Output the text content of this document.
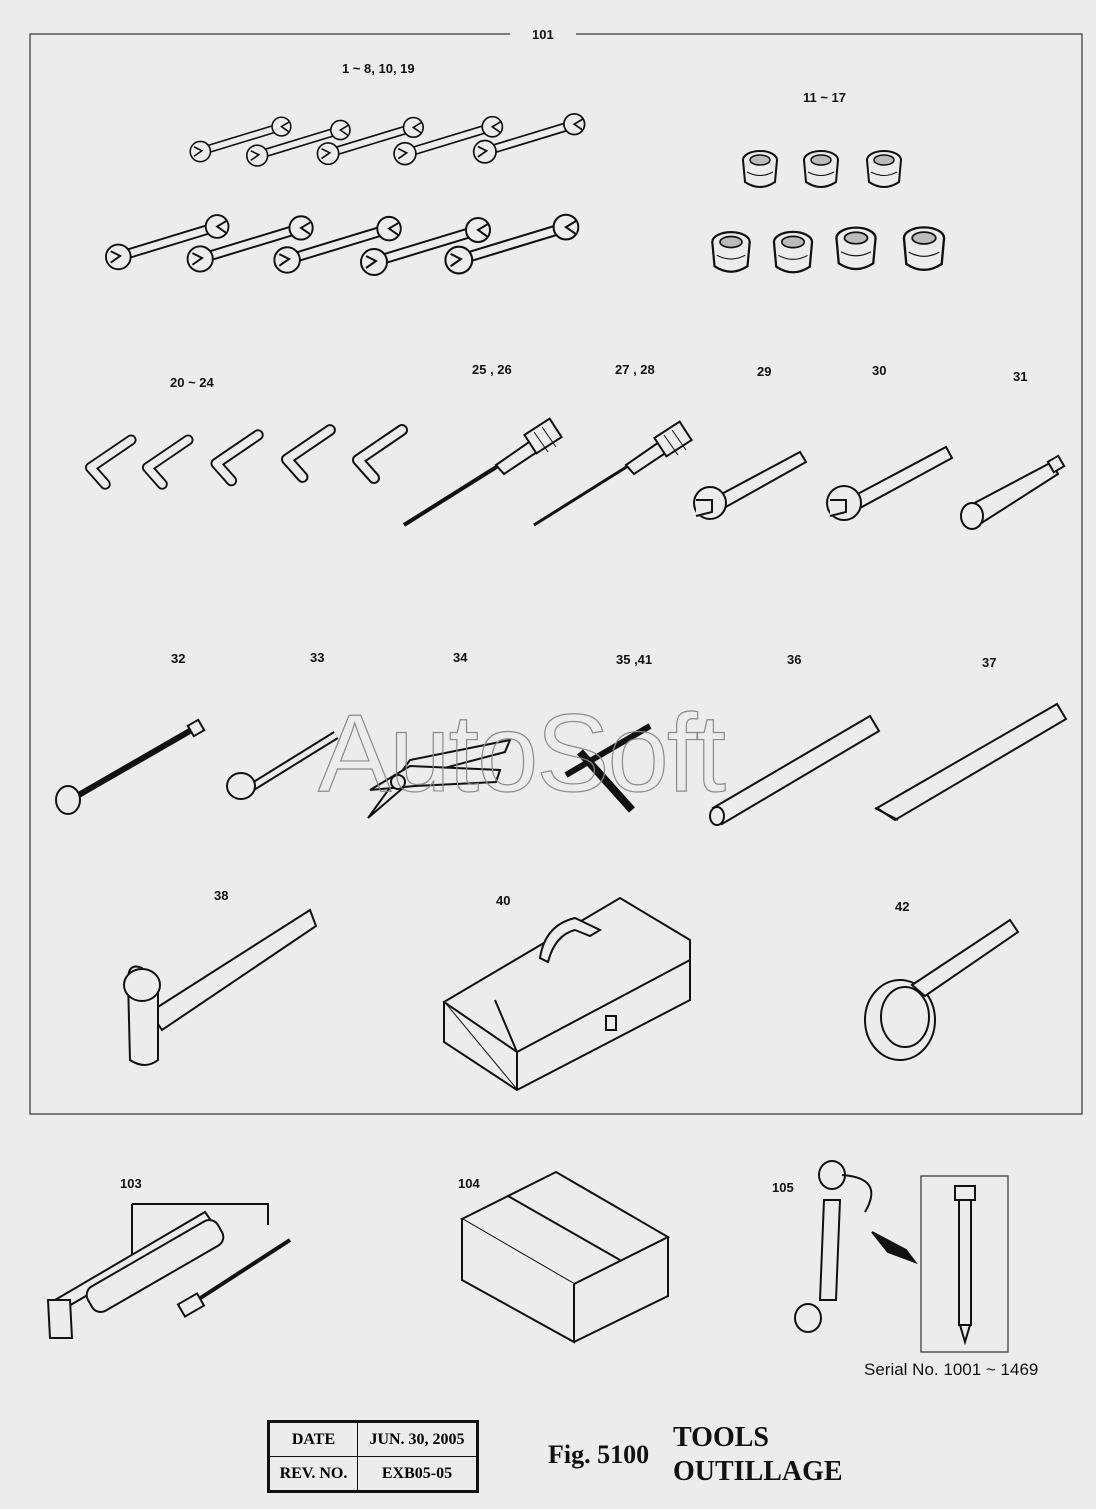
AutoSoft
101
1 ~ 8, 10, 19
11 ~ 17
20 ~ 24
25 , 26	27 , 28	29	30	31
32	33	34	35 ,41	36	37
38	40	42
103	104	105
Serial No. 1001 ~ 1469
DATE	JUN. 30, 2005
REV. NO.	EXB05-05
Fig. 5100
TOOLS
OUTILLAGE
